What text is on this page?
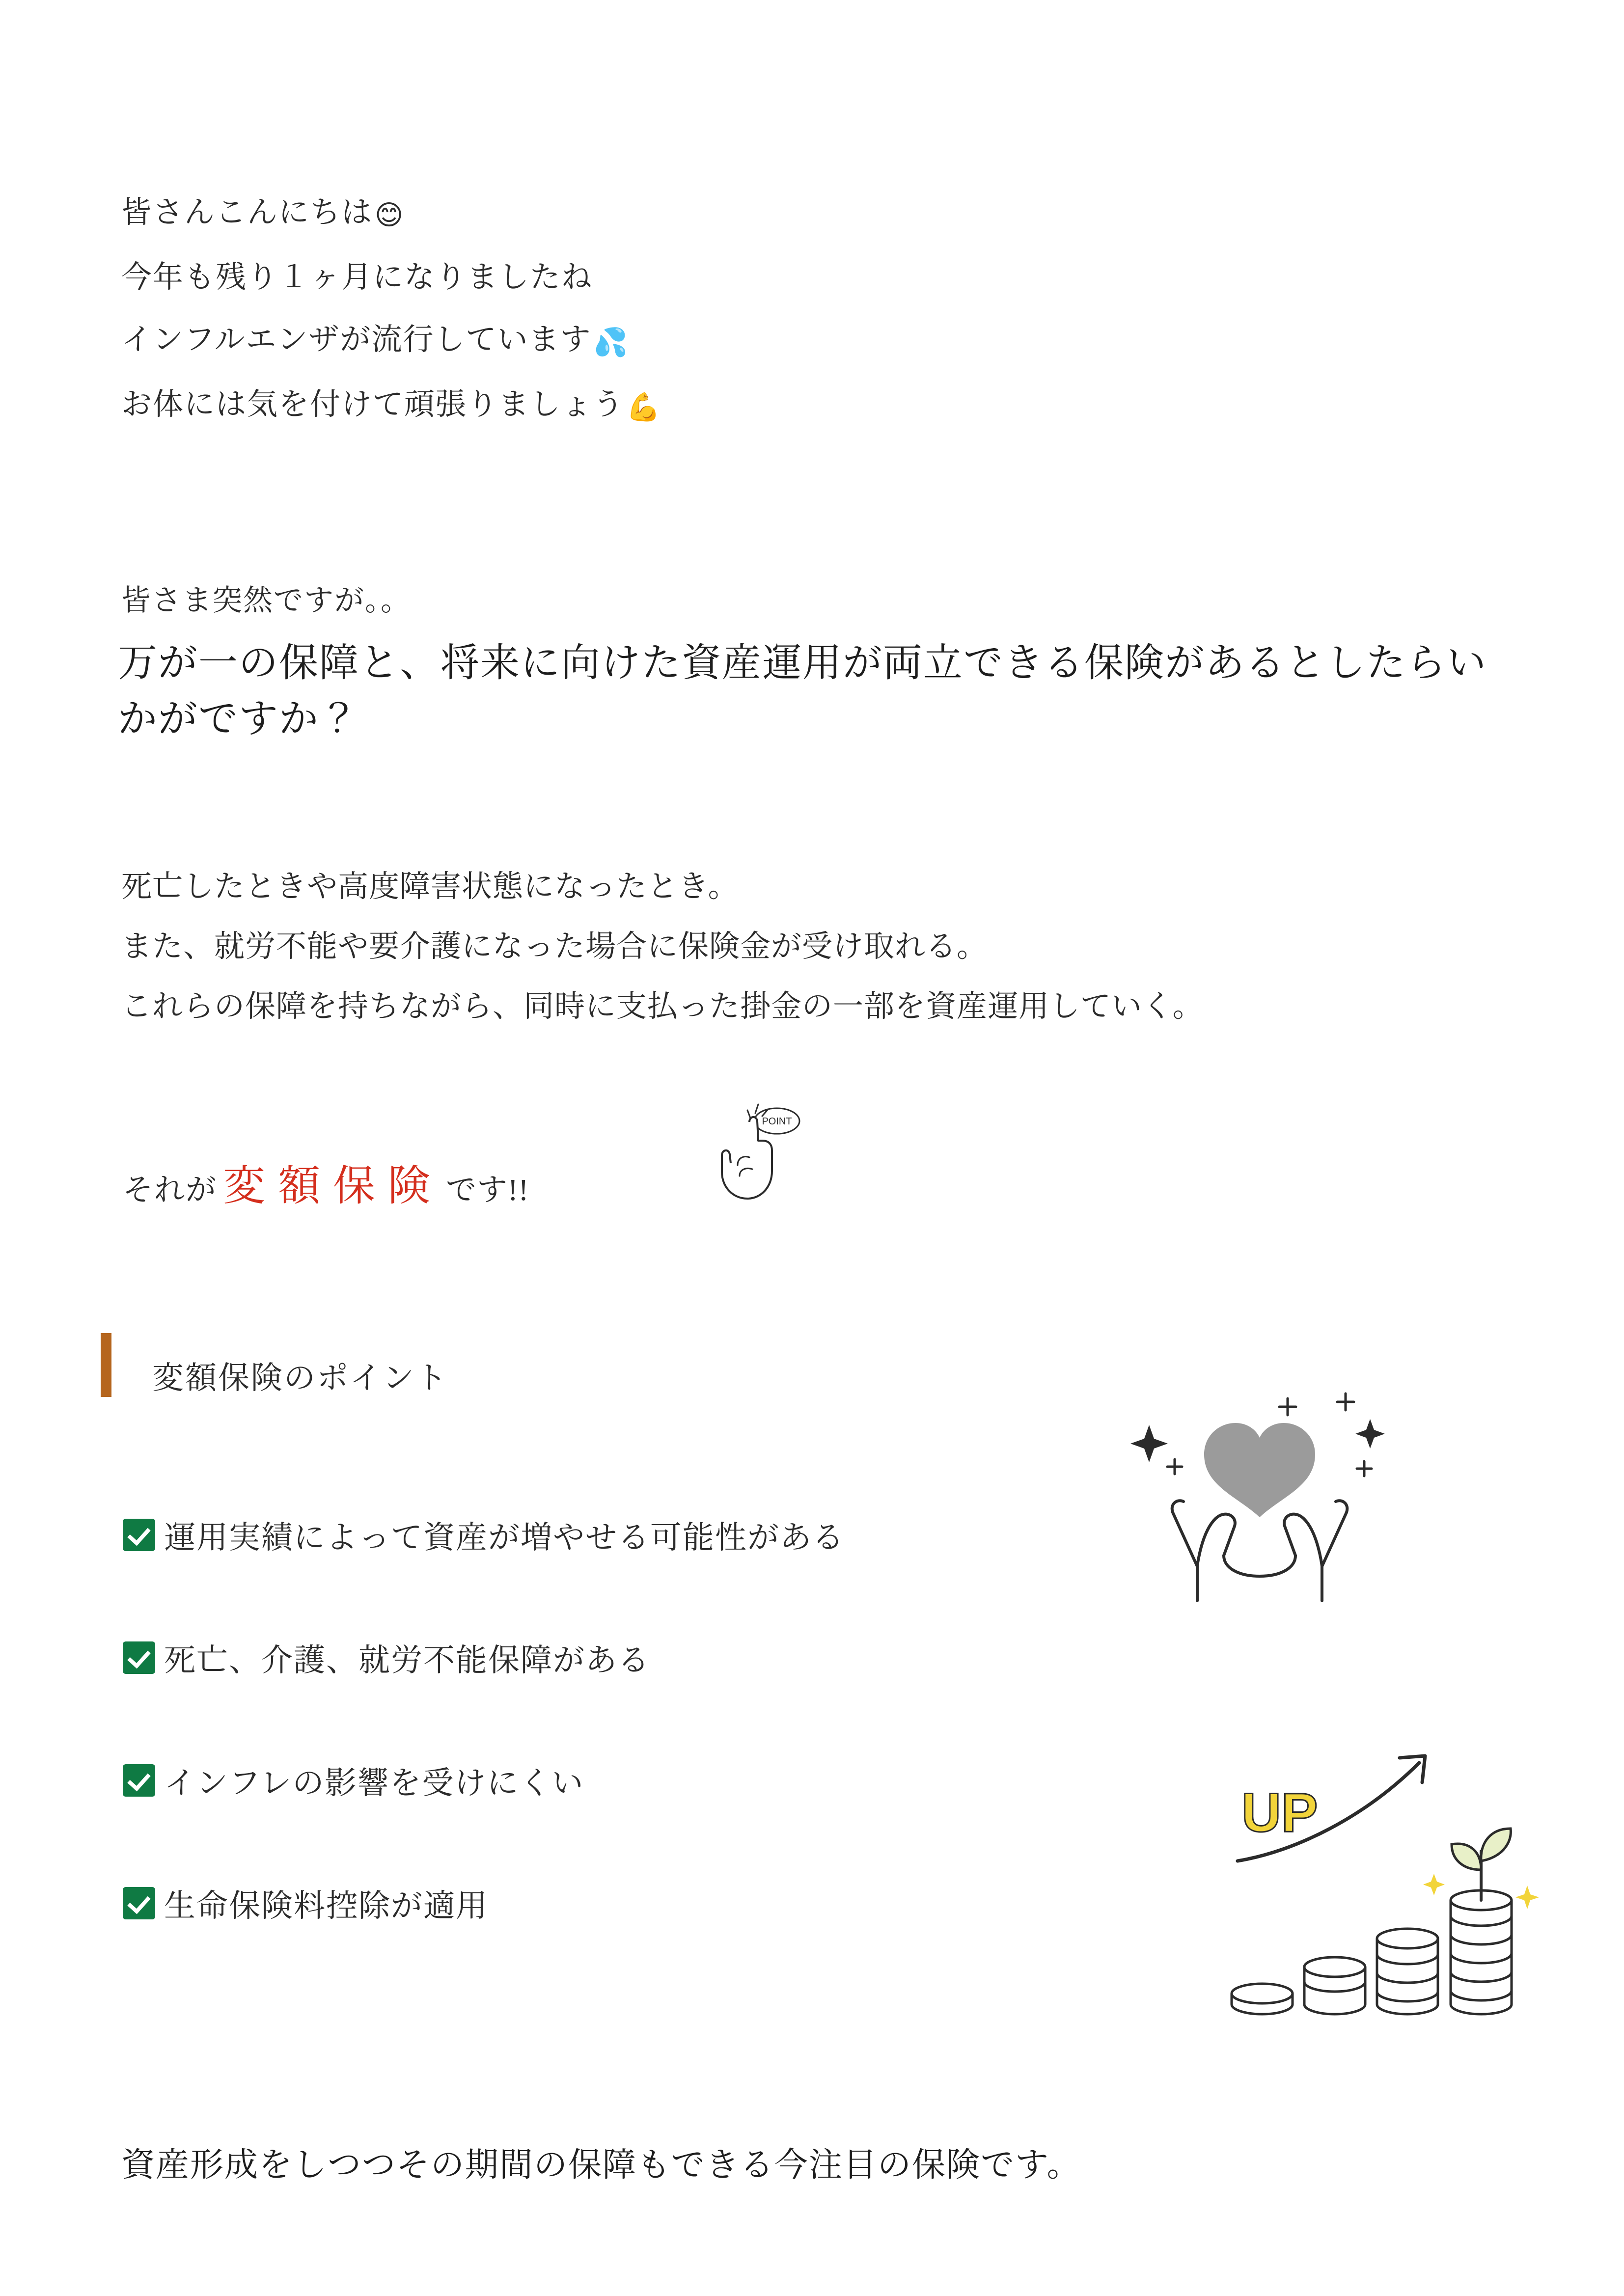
皆さんこんにちは😊
今年も残り１ヶ月になりましたね
インフルエンザが流行しています💦
お体には気を付けて頑張りましょう💪
皆さま突然ですが。。
万が一の保障と、将来に向けた資産運用が両立できる保険があるとしたらいかがですか？
死亡したときや高度障害状態になったとき。
また、就労不能や要介護になった場合に保険金が受け取れる。
これらの保障を持ちながら、同時に支払った掛金の一部を資産運用していく。
それが 変額保険 です!!
POINT
変額保険のポイント
運用実績によって資産が増やせる可能性がある
死亡、介護、就労不能保障がある
インフレの影響を受けにくい
生命保険料控除が適用
UP
資産形成をしつつその期間の保障もできる今注目の保険です。
